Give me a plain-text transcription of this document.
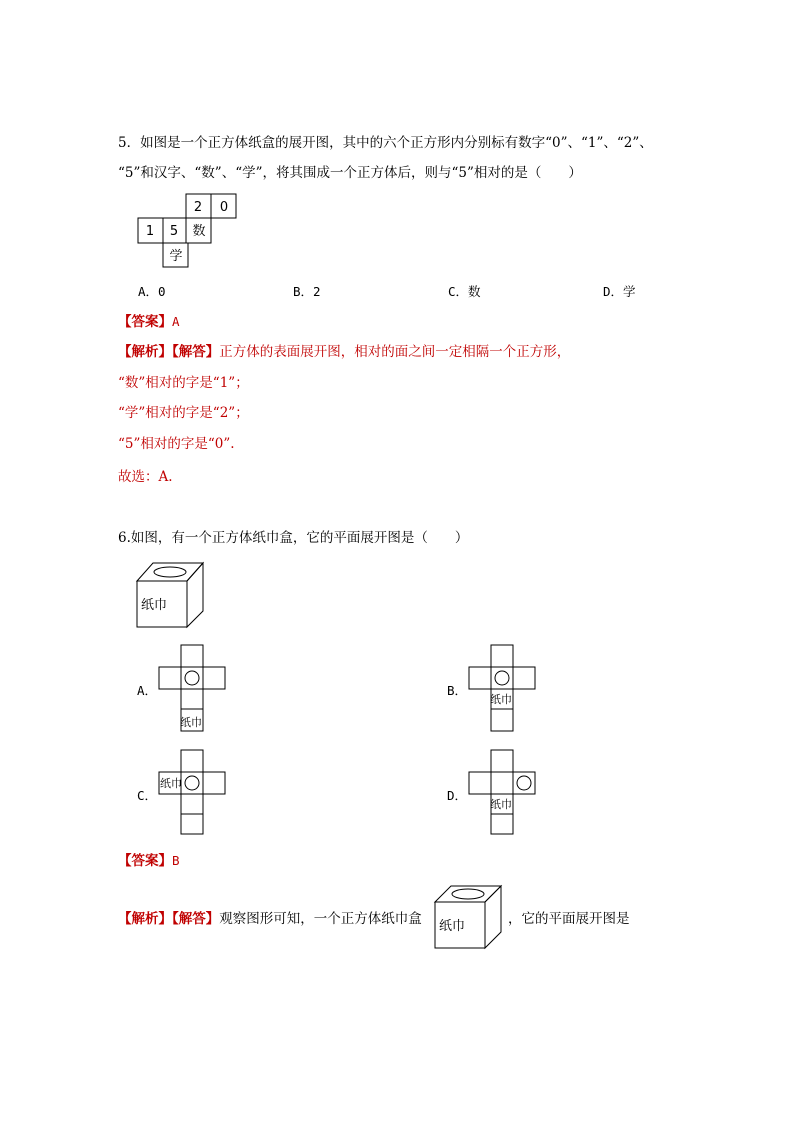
5．如图是一个正方体纸盒的展开图，其中的六个正方形内分别标有数字“0”、“1”、“2”、
“5”和汉字、“数”、“学”，将其围成一个正方体后，则与“5”相对的是（　　）
2 0
1 5 数
学
A．0	B．2	C．数	D．学
【答案】A
【解析】【解答】正方体的表面展开图，相对的面之间一定相隔一个正方形，
“数”相对的字是“1”；
“学”相对的字是“2”；
“5”相对的字是“0”.
故选：A.
6.如图，有一个正方体纸巾盒，它的平面展开图是（　　）
纸巾
A．
纸巾
B．
纸巾
C．
纸巾
D．
纸巾
【答案】B
【解析】【解答】观察图形可知，一个正方体纸巾盒 纸巾	，它的平面展开图是
